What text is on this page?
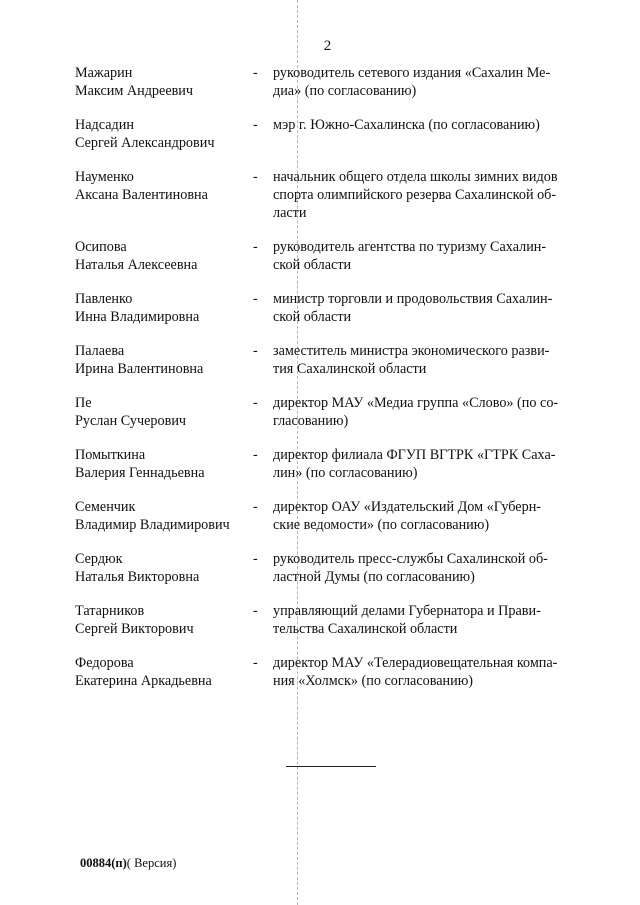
2
Мажарин
Максим Андреевич
-	руководитель сетевого издания «Сахалин Ме-
диа» (по согласованию)
Надсадин
Сергей Александрович
-	мэр г. Южно-Сахалинска (по согласованию)
Науменко
Аксана Валентиновна
-	начальник общего отдела школы зимних видов
спорта олимпийского резерва Сахалинской об-
ласти
Осипова
Наталья Алексеевна
-	руководитель агентства по туризму Сахалин-
ской области
Павленко
Инна Владимировна
-	министр торговли и продовольствия Сахалин-
ской области
Палаева
Ирина Валентиновна
-	заместитель министра экономического разви-
тия Сахалинской области
Пе
Руслан Сучерович
-	директор МАУ «Медиа группа «Слово» (по со-
гласованию)
Помыткина
Валерия Геннадьевна
-	директор филиала ФГУП ВГТРК «ГТРК Саха-
лин» (по согласованию)
Семенчик
Владимир Владимирович
-	директор ОАУ «Издательский Дом «Губерн-
ские ведомости» (по согласованию)
Сердюк
Наталья Викторовна
-	руководитель пресс-службы Сахалинской об-
ластной Думы (по согласованию)
Татарников
Сергей Викторович
-	управляющий делами Губернатора и Прави-
тельства Сахалинской области
Федорова
Екатерина Аркадьевна
-	директор МАУ «Телерадиовещательная компа-
ния «Холмск» (по согласованию)
00884(п)( Версия)
